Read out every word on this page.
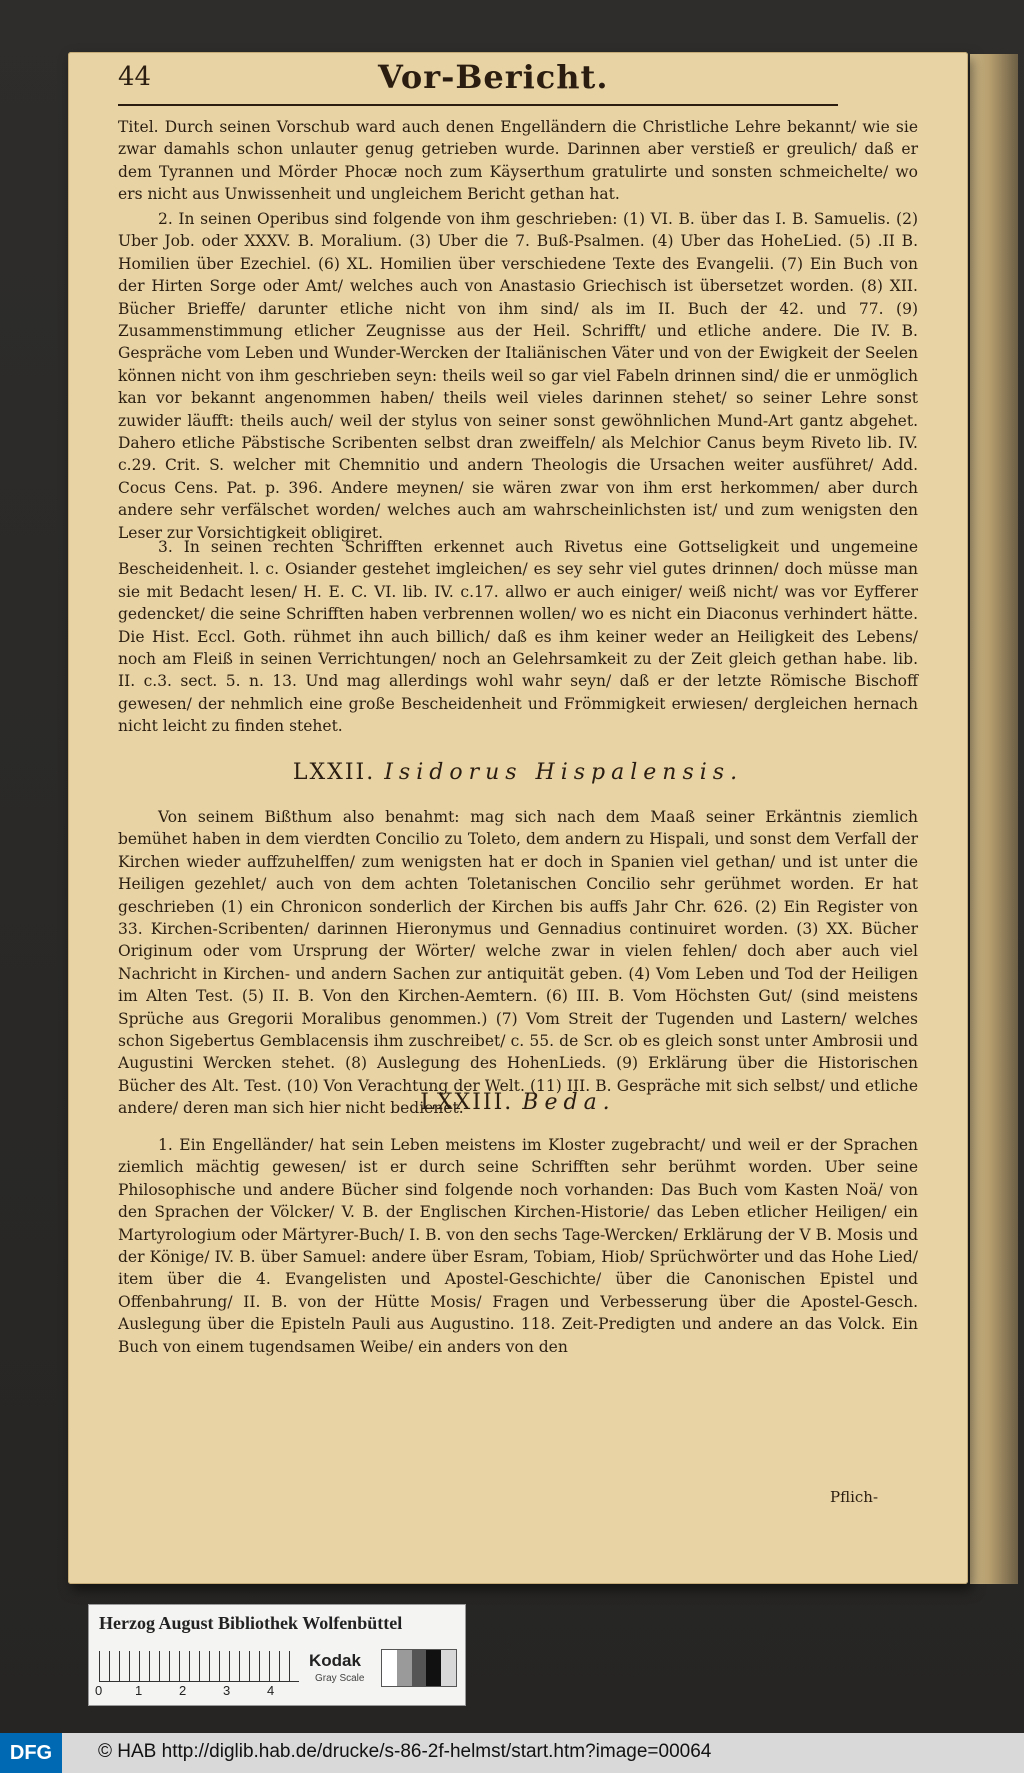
44	Vor-Bericht.

Titel. Durch seinen Vorschub ward auch denen Engelländern die Christliche Lehre bekannt/ wie sie zwar damahls schon unlauter genug getrieben wurde. Darinnen aber verstieß er greulich/ daß er dem Tyrannen und Mörder Phocæ noch zum Käyserthum gratulirte und sonsten schmeichelte/ wo ers nicht aus Unwissenheit und ungleichem Bericht gethan hat.

2. In seinen Operibus sind folgende von ihm geschrieben: (1) VI. B. über das I. B. Samuelis. (2) Uber Job. oder XXXV. B. Moralium. (3) Uber die 7. Buß-Psalmen. (4) Uber das HoheLied. (5) .II B. Homilien über Ezechiel. (6) XL. Homilien über verschiedene Texte des Evangelii. (7) Ein Buch von der Hirten Sorge oder Amt/ welches auch von Anastasio Griechisch ist übersetzet worden. (8) XII. Bücher Brieffe/ darunter etliche nicht von ihm sind/ als im II. Buch der 42. und 77. (9) Zusammenstimmung etlicher Zeugnisse aus der Heil. Schrifft/ und etliche andere. Die IV. B. Gespräche vom Leben und Wunder-Wercken der Italiänischen Väter und von der Ewigkeit der Seelen können nicht von ihm geschrieben seyn: theils weil so gar viel Fabeln drinnen sind/ die er unmöglich kan vor bekannt angenommen haben/ theils weil vieles darinnen stehet/ so seiner Lehre sonst zuwider läufft: theils auch/ weil der stylus von seiner sonst gewöhnlichen Mund-Art gantz abgehet. Dahero etliche Päbstische Scribenten selbst dran zweiffeln/ als Melchior Canus beym Riveto lib. IV. c.29. Crit. S. welcher mit Chemnitio und andern Theologis die Ursachen weiter ausführet/ Add. Cocus Cens. Pat. p. 396. Andere meynen/ sie wären zwar von ihm erst herkommen/ aber durch andere sehr verfälschet worden/ welches auch am wahrscheinlichsten ist/ und zum wenigsten den Leser zur Vorsichtigkeit obligiret.

3. In seinen rechten Schrifften erkennet auch Rivetus eine Gottseligkeit und ungemeine Bescheidenheit. l. c. Osiander gestehet imgleichen/ es sey sehr viel gutes drinnen/ doch müsse man sie mit Bedacht lesen/ H. E. C. VI. lib. IV. c.17. allwo er auch einiger/ weiß nicht/ was vor Eyfferer gedencket/ die seine Schrifften haben verbrennen wollen/ wo es nicht ein Diaconus verhindert hätte. Die Hist. Eccl. Goth. rühmet ihn auch billich/ daß es ihm keiner weder an Heiligkeit des Lebens/ noch am Fleiß in seinen Verrichtungen/ noch an Gelehrsamkeit zu der Zeit gleich gethan habe. lib. II. c.3. sect. 5. n. 13. Und mag allerdings wohl wahr seyn/ daß er der letzte Römische Bischoff gewesen/ der nehmlich eine große Bescheidenheit und Frömmigkeit erwiesen/ dergleichen hernach nicht leicht zu finden stehet.

LXXII. Isidorus Hispalensis.

Von seinem Bißthum also benahmt: mag sich nach dem Maaß seiner Erkäntnis ziemlich bemühet haben in dem vierdten Concilio zu Toleto, dem andern zu Hispali, und sonst dem Verfall der Kirchen wieder auffzuhelffen/ zum wenigsten hat er doch in Spanien viel gethan/ und ist unter die Heiligen gezehlet/ auch von dem achten Toletanischen Concilio sehr gerühmet worden. Er hat geschrieben (1) ein Chronicon sonderlich der Kirchen bis auffs Jahr Chr. 626. (2) Ein Register von 33. Kirchen-Scribenten/ darinnen Hieronymus und Gennadius continuiret worden. (3) XX. Bücher Originum oder vom Ursprung der Wörter/ welche zwar in vielen fehlen/ doch aber auch viel Nachricht in Kirchen- und andern Sachen zur antiquität geben. (4) Vom Leben und Tod der Heiligen im Alten Test. (5) II. B. Von den Kirchen-Aemtern. (6) III. B. Vom Höchsten Gut/ (sind meistens Sprüche aus Gregorii Moralibus genommen.) (7) Vom Streit der Tugenden und Lastern/ welches schon Sigebertus Gemblacensis ihm zuschreibet/ c. 55. de Scr. ob es gleich sonst unter Ambrosii und Augustini Wercken stehet. (8) Auslegung des HohenLieds. (9) Erklärung über die Historischen Bücher des Alt. Test. (10) Von Verachtung der Welt. (11) III. B. Gespräche mit sich selbst/ und etliche andere/ deren man sich hier nicht bedienet.

LXXIII. Beda.

1. Ein Engelländer/ hat sein Leben meistens im Kloster zugebracht/ und weil er der Sprachen ziemlich mächtig gewesen/ ist er durch seine Schrifften sehr berühmt worden. Uber seine Philosophische und andere Bücher sind folgende noch vorhanden: Das Buch vom Kasten Noä/ von den Sprachen der Völcker/ V. B. der Englischen Kirchen-Historie/ das Leben etlicher Heiligen/ ein Martyrologium oder Märtyrer-Buch/ I. B. von den sechs Tage-Wercken/ Erklärung der V B. Mosis und der Könige/ IV. B. über Samuel: andere über Esram, Tobiam, Hiob/ Sprüchwörter und das Hohe Lied/ item über die 4. Evangelisten und Apostel-Geschichte/ über die Canonischen Epistel und Offenbahrung/ II. B. von der Hütte Mosis/ Fragen und Verbesserung über die Apostel-Gesch. Auslegung über die Episteln Pauli aus Augustino. 118. Zeit-Predigten und andere an das Volck. Ein Buch von einem tugendsamen Weibe/ ein anders von den

Pflich-
Herzog August Bibliothek Wolfenbüttel
0	1	2	3	4
Kodak
Gray Scale
DFG	© HAB http://diglib.hab.de/drucke/s-86-2f-helmst/start.htm?image=00064
